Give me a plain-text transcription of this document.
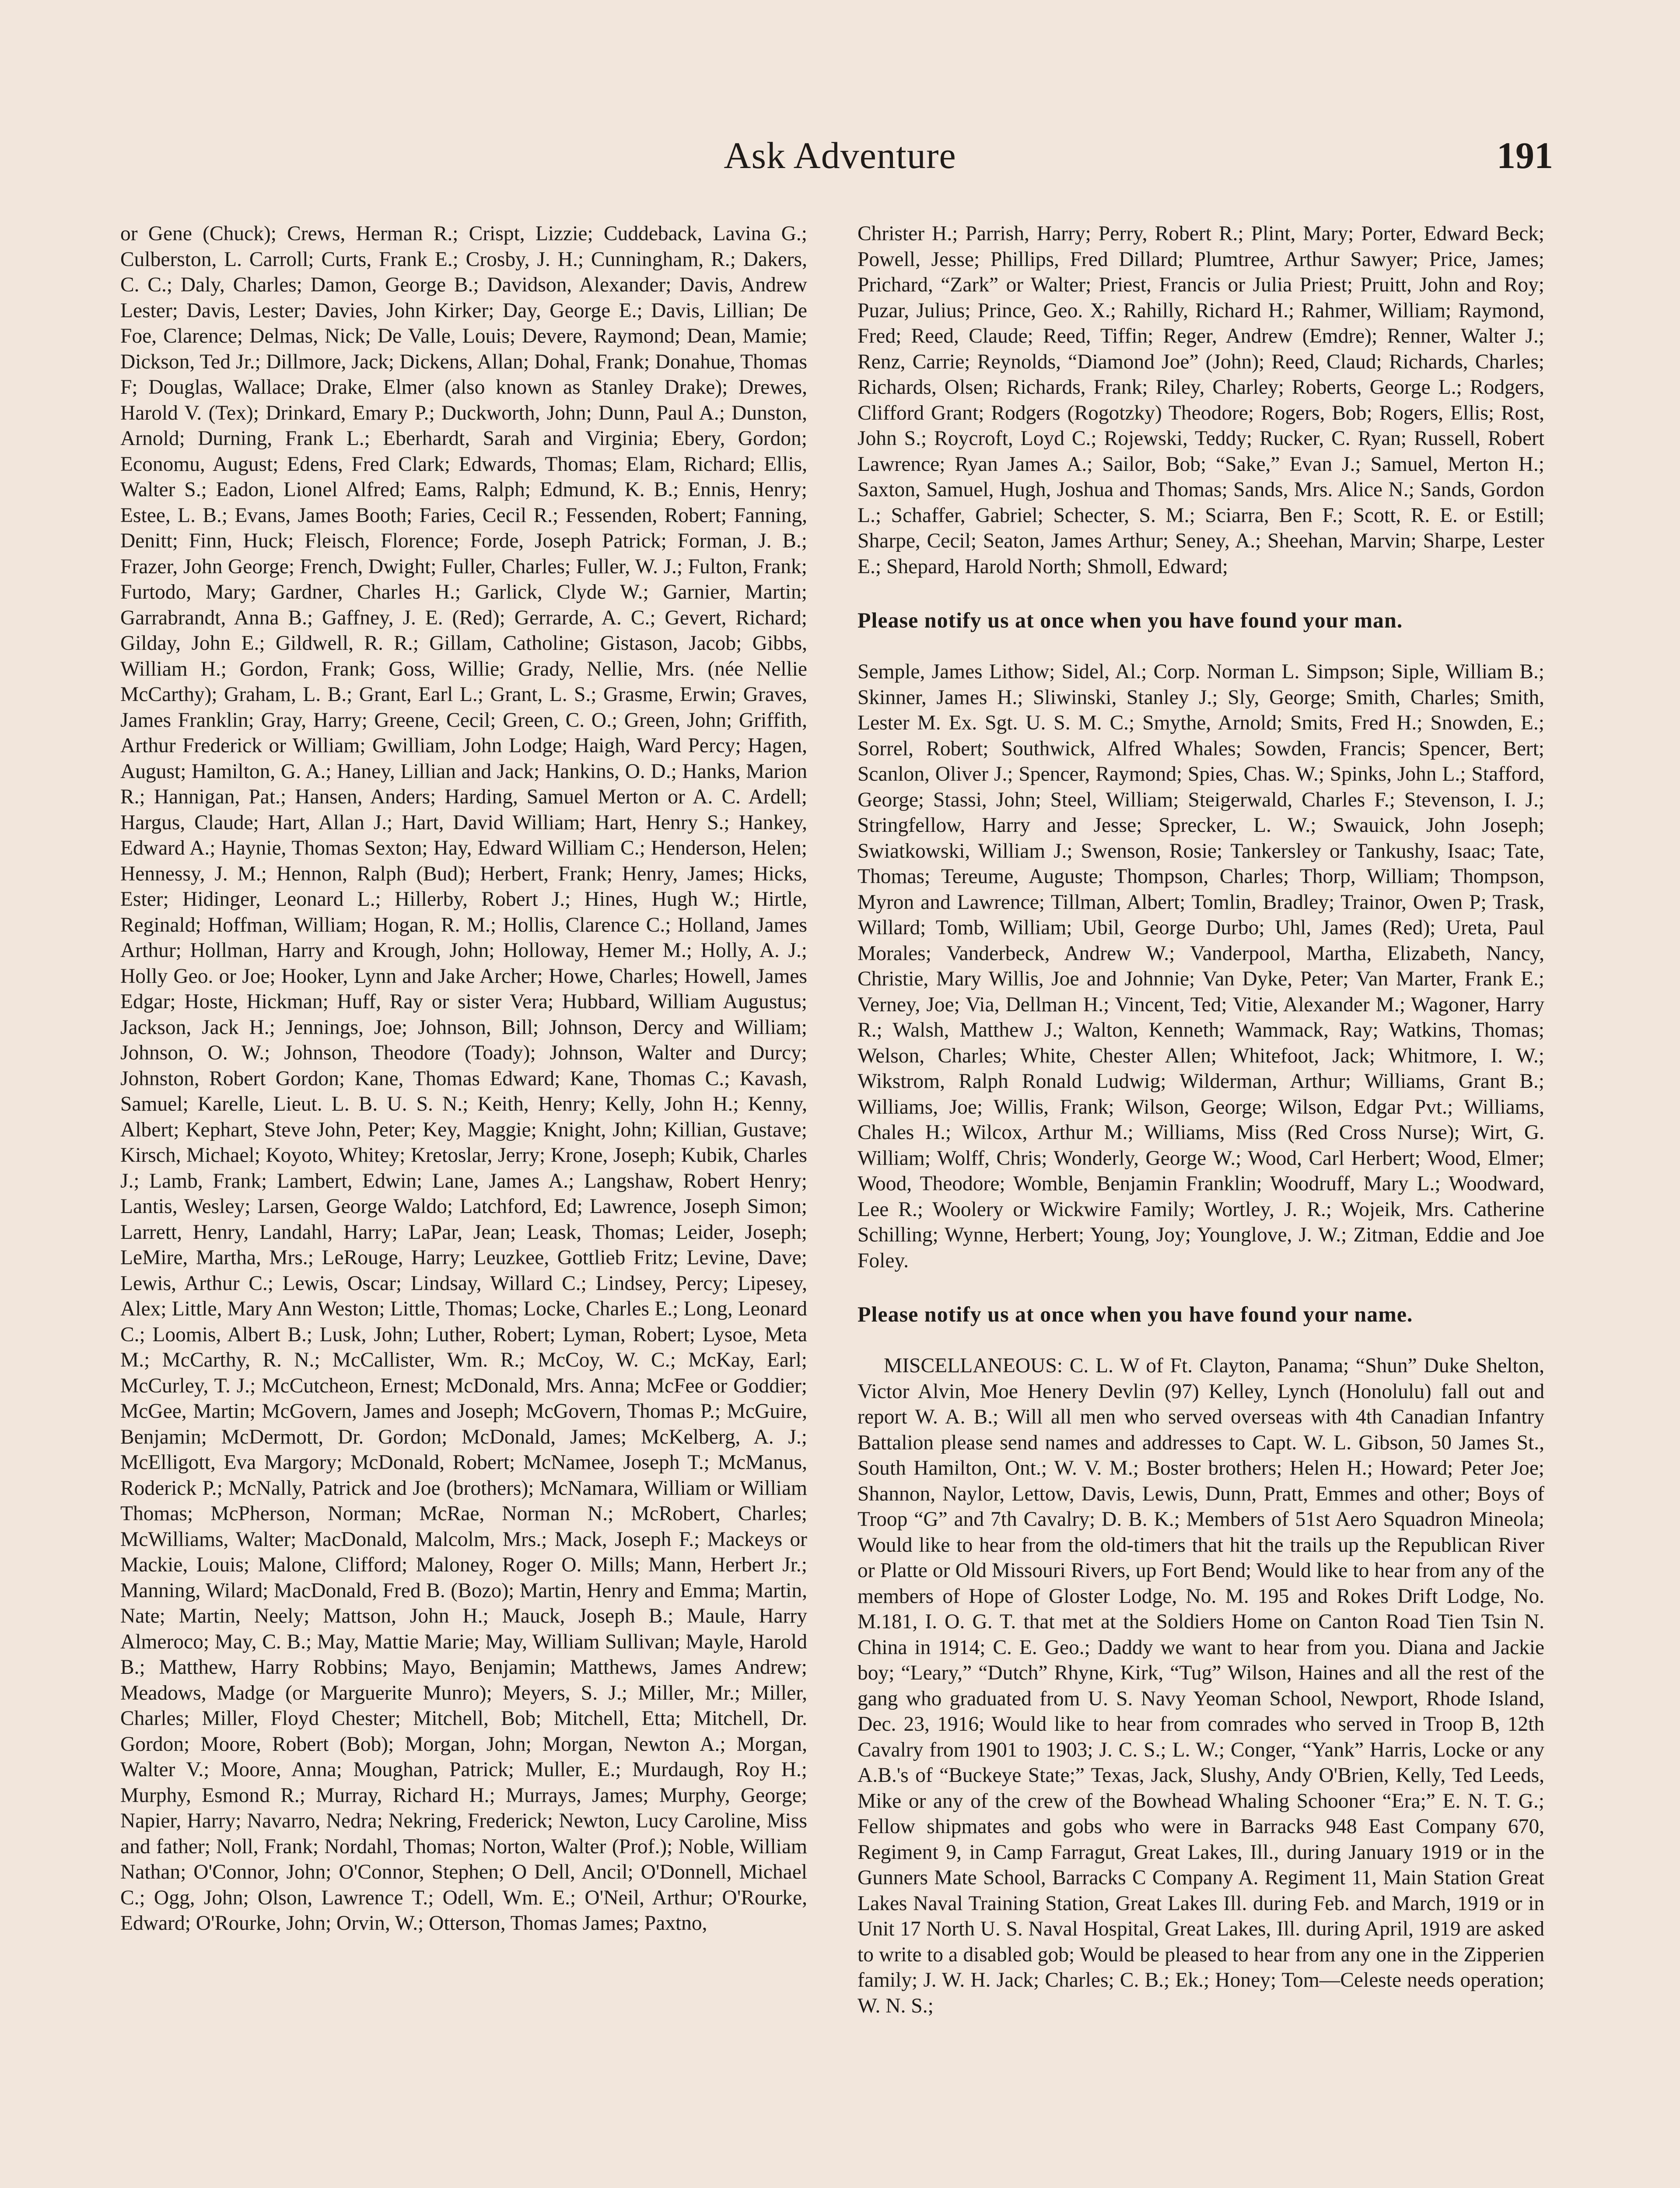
Ask Adventure	191

or Gene (Chuck); Crews, Herman R.; Crispt, Lizzie; Cuddeback, Lavina G.; Culberston, L. Carroll; Curts, Frank E.; Crosby, J. H.; Cunningham, R.; Dakers, C. C.; Daly, Charles; Damon, George B.; Davidson, Alexander; Davis, Andrew Lester; Davis, Lester; Davies, John Kirker; Day, George E.; Davis, Lillian; De Foe, Clarence; Delmas, Nick; De Valle, Louis; Devere, Raymond; Dean, Mamie; Dickson, Ted Jr.; Dillmore, Jack; Dickens, Allan; Dohal, Frank; Donahue, Thomas F; Douglas, Wallace; Drake, Elmer (also known as Stanley Drake); Drewes, Harold V. (Tex); Drinkard, Emary P.; Duckworth, John; Dunn, Paul A.; Dunston, Arnold; Durning, Frank L.; Eberhardt, Sarah and Virginia; Ebery, Gordon; Economu, August; Edens, Fred Clark; Edwards, Thomas; Elam, Richard; Ellis, Walter S.; Eadon, Lionel Alfred; Eams, Ralph; Edmund, K. B.; Ennis, Henry; Estee, L. B.; Evans, James Booth; Faries, Cecil R.; Fessenden, Robert; Fanning, Denitt; Finn, Huck; Fleisch, Florence; Forde, Joseph Patrick; Forman, J. B.; Frazer, John George; French, Dwight; Fuller, Charles; Fuller, W. J.; Fulton, Frank; Furtodo, Mary; Gardner, Charles H.; Garlick, Clyde W.; Garnier, Martin; Garrabrandt, Anna B.; Gaffney, J. E. (Red); Gerrarde, A. C.; Gevert, Richard; Gilday, John E.; Gildwell, R. R.; Gillam, Catholine; Gistason, Jacob; Gibbs, William H.; Gordon, Frank; Goss, Willie; Grady, Nellie, Mrs. (née Nellie McCarthy); Graham, L. B.; Grant, Earl L.; Grant, L. S.; Grasme, Erwin; Graves, James Franklin; Gray, Harry; Greene, Cecil; Green, C. O.; Green, John; Griffith, Arthur Frederick or William; Gwilliam, John Lodge; Haigh, Ward Percy; Hagen, August; Hamilton, G. A.; Haney, Lillian and Jack; Hankins, O. D.; Hanks, Marion R.; Hannigan, Pat.; Hansen, Anders; Harding, Samuel Merton or A. C. Ardell; Hargus, Claude; Hart, Allan J.; Hart, David William; Hart, Henry S.; Hankey, Edward A.; Haynie, Thomas Sexton; Hay, Edward William C.; Henderson, Helen; Hennessy, J. M.; Hennon, Ralph (Bud); Herbert, Frank; Henry, James; Hicks, Ester; Hidinger, Leonard L.; Hillerby, Robert J.; Hines, Hugh W.; Hirtle, Reginald; Hoffman, William; Hogan, R. M.; Hollis, Clarence C.; Holland, James Arthur; Hollman, Harry and Krough, John; Holloway, Hemer M.; Holly, A. J.; Holly Geo. or Joe; Hooker, Lynn and Jake Archer; Howe, Charles; Howell, James Edgar; Hoste, Hickman; Huff, Ray or sister Vera; Hubbard, William Augustus; Jackson, Jack H.; Jennings, Joe; Johnson, Bill; Johnson, Dercy and William; Johnson, O. W.; Johnson, Theodore (Toady); Johnson, Walter and Durcy; Johnston, Robert Gordon; Kane, Thomas Edward; Kane, Thomas C.; Kavash, Samuel; Karelle, Lieut. L. B. U. S. N.; Keith, Henry; Kelly, John H.; Kenny, Albert; Kephart, Steve John, Peter; Key, Maggie; Knight, John; Killian, Gustave; Kirsch, Michael; Koyoto, Whitey; Kretoslar, Jerry; Krone, Joseph; Kubik, Charles J.; Lamb, Frank; Lambert, Edwin; Lane, James A.; Langshaw, Robert Henry; Lantis, Wesley; Larsen, George Waldo; Latchford, Ed; Lawrence, Joseph Simon; Larrett, Henry, Landahl, Harry; LaPar, Jean; Leask, Thomas; Leider, Joseph; LeMire, Martha, Mrs.; LeRouge, Harry; Leuzkee, Gottlieb Fritz; Levine, Dave; Lewis, Arthur C.; Lewis, Oscar; Lindsay, Willard C.; Lindsey, Percy; Lipesey, Alex; Little, Mary Ann Weston; Little, Thomas; Locke, Charles E.; Long, Leonard C.; Loomis, Albert B.; Lusk, John; Luther, Robert; Lyman, Robert; Lysoe, Meta M.; McCarthy, R. N.; McCallister, Wm. R.; McCoy, W. C.; McKay, Earl; McCurley, T. J.; McCutcheon, Ernest; McDonald, Mrs. Anna; McFee or Goddier; McGee, Martin; McGovern, James and Joseph; McGovern, Thomas P.; McGuire, Benjamin; McDermott, Dr. Gordon; McDonald, James; McKelberg, A. J.; McElligott, Eva Margory; McDonald, Robert; McNamee, Joseph T.; McManus, Roderick P.; McNally, Patrick and Joe (brothers); McNamara, William or William Thomas; McPherson, Norman; McRae, Norman N.; McRobert, Charles; McWilliams, Walter; MacDonald, Malcolm, Mrs.; Mack, Joseph F.; Mackeys or Mackie, Louis; Malone, Clifford; Maloney, Roger O. Mills; Mann, Herbert Jr.; Manning, Wilard; MacDonald, Fred B. (Bozo); Martin, Henry and Emma; Martin, Nate; Martin, Neely; Mattson, John H.; Mauck, Joseph B.; Maule, Harry Almeroco; May, C. B.; May, Mattie Marie; May, William Sullivan; Mayle, Harold B.; Matthew, Harry Robbins; Mayo, Benjamin; Matthews, James Andrew; Meadows, Madge (or Marguerite Munro); Meyers, S. J.; Miller, Mr.; Miller, Charles; Miller, Floyd Chester; Mitchell, Bob; Mitchell, Etta; Mitchell, Dr. Gordon; Moore, Robert (Bob); Morgan, John; Morgan, Newton A.; Morgan, Walter V.; Moore, Anna; Moughan, Patrick; Muller, E.; Murdaugh, Roy H.; Murphy, Esmond R.; Murray, Richard H.; Murrays, James; Murphy, George; Napier, Harry; Navarro, Nedra; Nekring, Frederick; Newton, Lucy Caroline, Miss and father; Noll, Frank; Nordahl, Thomas; Norton, Walter (Prof.); Noble, William Nathan; O'Connor, John; O'Connor, Stephen; O Dell, Ancil; O'Donnell, Michael C.; Ogg, John; Olson, Lawrence T.; Odell, Wm. E.; O'Neil, Arthur; O'Rourke, Edward; O'Rourke, John; Orvin, W.; Otterson, Thomas James; Paxtno,

Christer H.; Parrish, Harry; Perry, Robert R.; Plint, Mary; Porter, Edward Beck; Powell, Jesse; Phillips, Fred Dillard; Plumtree, Arthur Sawyer; Price, James; Prichard, “Zark” or Walter; Priest, Francis or Julia Priest; Pruitt, John and Roy; Puzar, Julius; Prince, Geo. X.; Rahilly, Richard H.; Rahmer, William; Raymond, Fred; Reed, Claude; Reed, Tiffin; Reger, Andrew (Emdre); Renner, Walter J.; Renz, Carrie; Reynolds, “Diamond Joe” (John); Reed, Claud; Richards, Charles; Richards, Olsen; Richards, Frank; Riley, Charley; Roberts, George L.; Rodgers, Clifford Grant; Rodgers (Rogotzky) Theodore; Rogers, Bob; Rogers, Ellis; Rost, John S.; Roycroft, Loyd C.; Rojewski, Teddy; Rucker, C. Ryan; Russell, Robert Lawrence; Ryan James A.; Sailor, Bob; “Sake,” Evan J.; Samuel, Merton H.; Saxton, Samuel, Hugh, Joshua and Thomas; Sands, Mrs. Alice N.; Sands, Gordon L.; Schaffer, Gabriel; Schecter, S. M.; Sciarra, Ben F.; Scott, R. E. or Estill; Sharpe, Cecil; Seaton, James Arthur; Seney, A.; Sheehan, Marvin; Sharpe, Lester E.; Shepard, Harold North; Shmoll, Edward;

Please notify us at once when you have found your man.

Semple, James Lithow; Sidel, Al.; Corp. Norman L. Simpson; Siple, William B.; Skinner, James H.; Sliwinski, Stanley J.; Sly, George; Smith, Charles; Smith, Lester M. Ex. Sgt. U. S. M. C.; Smythe, Arnold; Smits, Fred H.; Snowden, E.; Sorrel, Robert; Southwick, Alfred Whales; Sowden, Francis; Spencer, Bert; Scanlon, Oliver J.; Spencer, Raymond; Spies, Chas. W.; Spinks, John L.; Stafford, George; Stassi, John; Steel, William; Steigerwald, Charles F.; Stevenson, I. J.; Stringfellow, Harry and Jesse; Sprecker, L. W.; Swauick, John Joseph; Swiatkowski, William J.; Swenson, Rosie; Tankersley or Tankushy, Isaac; Tate, Thomas; Tereume, Auguste; Thompson, Charles; Thorp, William; Thompson, Myron and Lawrence; Tillman, Albert; Tomlin, Bradley; Trainor, Owen P; Trask, Willard; Tomb, William; Ubil, George Durbo; Uhl, James (Red); Ureta, Paul Morales; Vanderbeck, Andrew W.; Vanderpool, Martha, Elizabeth, Nancy, Christie, Mary Willis, Joe and Johnnie; Van Dyke, Peter; Van Marter, Frank E.; Verney, Joe; Via, Dellman H.; Vincent, Ted; Vitie, Alexander M.; Wagoner, Harry R.; Walsh, Matthew J.; Walton, Kenneth; Wammack, Ray; Watkins, Thomas; Welson, Charles; White, Chester Allen; Whitefoot, Jack; Whitmore, I. W.; Wikstrom, Ralph Ronald Ludwig; Wilderman, Arthur; Williams, Grant B.; Williams, Joe; Willis, Frank; Wilson, George; Wilson, Edgar Pvt.; Williams, Chales H.; Wilcox, Arthur M.; Williams, Miss (Red Cross Nurse); Wirt, G. William; Wolff, Chris; Wonderly, George W.; Wood, Carl Herbert; Wood, Elmer; Wood, Theodore; Womble, Benjamin Franklin; Woodruff, Mary L.; Woodward, Lee R.; Woolery or Wickwire Family; Wortley, J. R.; Wojeik, Mrs. Catherine Schilling; Wynne, Herbert; Young, Joy; Younglove, J. W.; Zitman, Eddie and Joe Foley.

Please notify us at once when you have found your name.

MISCELLANEOUS: C. L. W of Ft. Clayton, Panama; “Shun” Duke Shelton, Victor Alvin, Moe Henery Devlin (97) Kelley, Lynch (Honolulu) fall out and report W. A. B.; Will all men who served overseas with 4th Canadian Infantry Battalion please send names and addresses to Capt. W. L. Gibson, 50 James St., South Hamilton, Ont.; W. V. M.; Boster brothers; Helen H.; Howard; Peter Joe; Shannon, Naylor, Lettow, Davis, Lewis, Dunn, Pratt, Emmes and other; Boys of Troop “G” and 7th Cavalry; D. B. K.; Members of 51st Aero Squadron Mineola; Would like to hear from the old-timers that hit the trails up the Republican River or Platte or Old Missouri Rivers, up Fort Bend; Would like to hear from any of the members of Hope of Gloster Lodge, No. M. 195 and Rokes Drift Lodge, No. M.181, I. O. G. T. that met at the Soldiers Home on Canton Road Tien Tsin N. China in 1914; C. E. Geo.; Daddy we want to hear from you. Diana and Jackie boy; “Leary,” “Dutch” Rhyne, Kirk, “Tug” Wilson, Haines and all the rest of the gang who graduated from U. S. Navy Yeoman School, Newport, Rhode Island, Dec. 23, 1916; Would like to hear from comrades who served in Troop B, 12th Cavalry from 1901 to 1903; J. C. S.; L. W.; Conger, “Yank” Harris, Locke or any A.B.'s of “Buckeye State;” Texas, Jack, Slushy, Andy O'Brien, Kelly, Ted Leeds, Mike or any of the crew of the Bowhead Whaling Schooner “Era;” E. N. T. G.; Fellow shipmates and gobs who were in Barracks 948 East Company 670, Regiment 9, in Camp Farragut, Great Lakes, Ill., during January 1919 or in the Gunners Mate School, Barracks C Company A. Regiment 11, Main Station Great Lakes Naval Training Station, Great Lakes Ill. during Feb. and March, 1919 or in Unit 17 North U. S. Naval Hospital, Great Lakes, Ill. during April, 1919 are asked to write to a disabled gob; Would be pleased to hear from any one in the Zipperien family; J. W. H. Jack; Charles; C. B.; Ek.; Honey; Tom—Celeste needs operation; W. N. S.;
